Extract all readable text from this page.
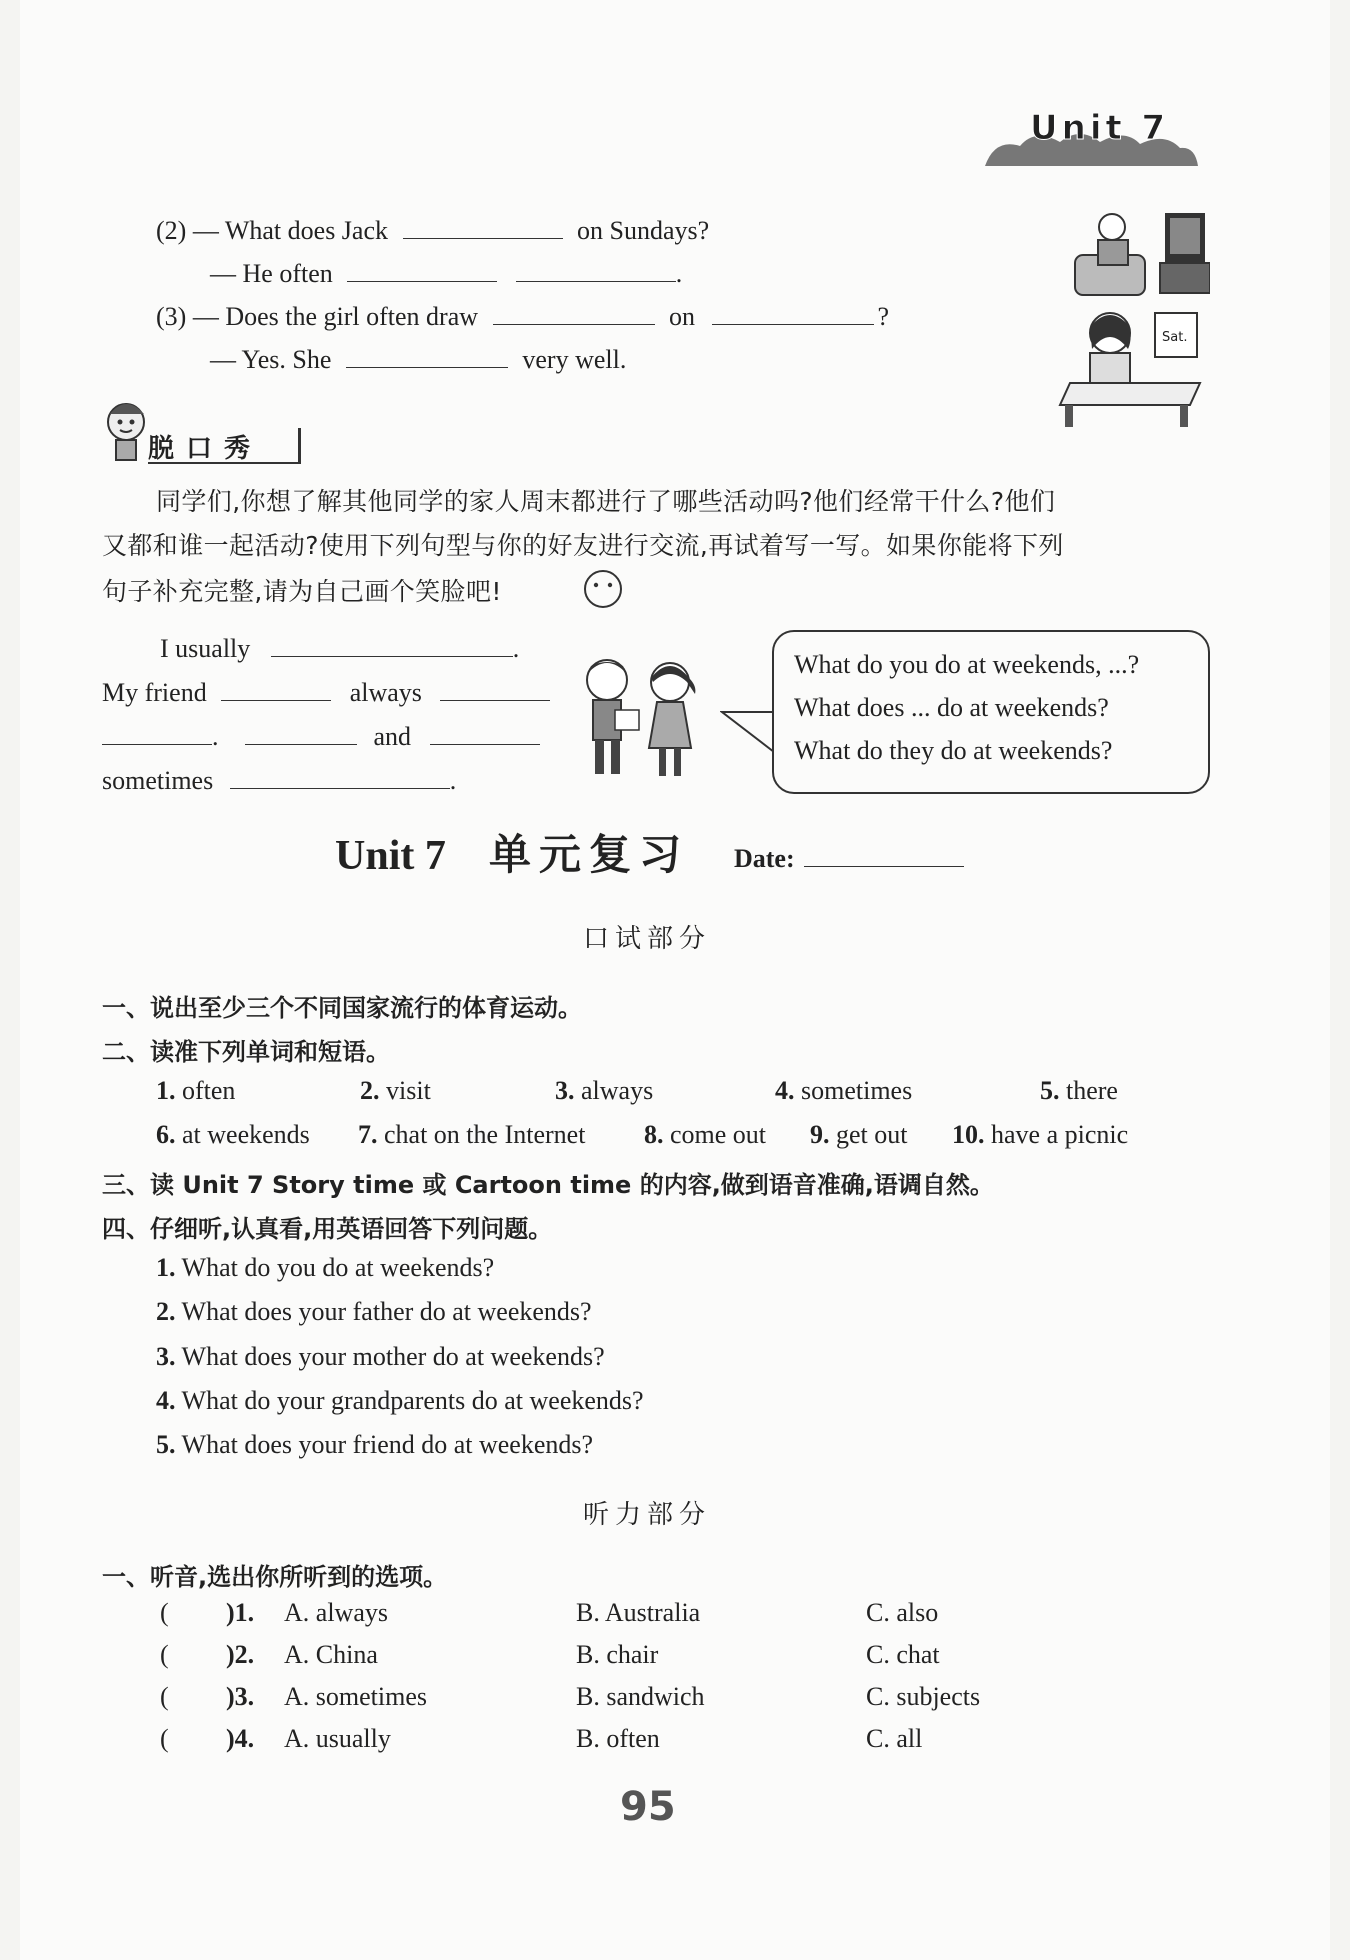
Unit 7
(2) — What does Jack	on Sundays?
— He often	.
(3) — Does the girl often draw	on	?
— Yes. She	very well.
Sat.
脱口秀
同学们,你想了解其他同学的家人周末都进行了哪些活动吗?他们经常干什么?他们
又都和谁一起活动?使用下列句型与你的好友进行交流,再试着写一写。如果你能将下列
句子补充完整,请为自己画个笑脸吧!
I usually	.
My friend	always
.	and
sometimes	.
What do you do at weekends, ...?
What does ... do at weekends?
What do they do at weekends?
Unit 7 单元复习 Date:
口试部分
一、说出至少三个不同国家流行的体育运动。
二、读准下列单词和短语。
1. often	2. visit	3. always	4. sometimes	5. there
6. at weekends 7. chat on the Internet 8. come out 9. get out 10. have a picnic
三、读 Unit 7 Story time 或 Cartoon time 的内容,做到语音准确,语调自然。
四、仔细听,认真看,用英语回答下列问题。
1. What do you do at weekends?
2. What does your father do at weekends?
3. What does your mother do at weekends?
4. What do your grandparents do at weekends?
5. What does your friend do at weekends?
听力部分
一、听音,选出你所听到的选项。
( )1. A. always	B. Australia	C. also
( )2. A. China	B. chair	C. chat
( )3. A. sometimes	B. sandwich	C. subjects
( )4. A. usually	B. often	C. all
95
